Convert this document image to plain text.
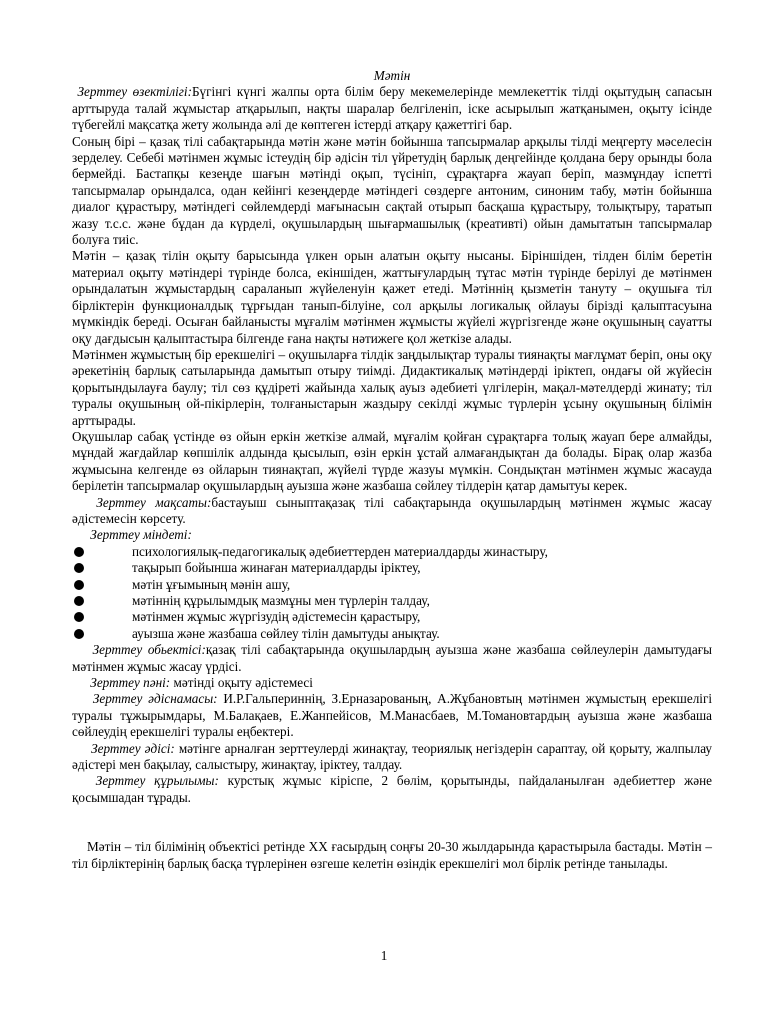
Мәтін

Зерттеу өзектілігі:Бүгінгі күнгі жалпы орта білім беру мекемелерінде мемлекеттік тілді оқытудың сапасын арттыруда талай жұмыстар атқарылып, нақты шаралар белгіленіп, іске асырылып жатқанымен, оқыту ісінде түбегейлі мақсатқа жету жолында әлі де көптеген істерді атқару қажеттігі бар.

Соның бірі – қазақ тілі сабақтарында мәтін және мәтін бойынша тапсырмалар арқылы тілді меңгерту мәселесін зерделеу. Себебі мәтінмен жұмыс істеудің бір әдісін тіл үйретудің барлық деңгейінде қолдана беру орынды бола бермейді. Бастапқы кезеңде шағын мәтінді оқып, түсініп, сұрақтарға жауап беріп, мазмұндау іспетті тапсырмалар орындалса, одан кейінгі кезеңдерде мәтіндегі сөздерге антоним, синоним табу, мәтін бойынша диалог құрастыру, мәтіндегі сөйлемдерді мағынасын сақтай отырып басқаша құрастыру, толықтыру, таратып жазу т.с.с. және бұдан да күрделі, оқушылардың шығармашылық (креативті) ойын дамытатын тапсырмалар болуға тиіс.

Мәтін – қазақ тілін оқыту барысында үлкен орын алатын оқыту нысаны. Біріншіден, тілден білім беретін материал оқыту мәтіндері түрінде болса, екіншіден, жаттығулардың тұтас мәтін түрінде берілуі де мәтінмен орындалатын жұмыстардың сараланып жүйеленуін қажет етеді. Мәтіннің қызметін тануту – оқушыға тіл бірліктерін функционалдық тұрғыдан танып-білуіне, сол арқылы логикалық ойлауы бірізді қалыптасуына мүмкіндік береді. Осыған байланысты мұғалім мәтінмен жұмысты жүйелі жүргізгенде және оқушының сауатты оқу дағдысын қалыптастыра білгенде ғана нақты нәтижеге қол жеткізе алады.

Мәтінмен жұмыстың бір ерекшелігі – оқушыларға тілдік заңдылықтар туралы тиянақты мағлұмат беріп, оны оқу әрекетінің барлық сатыларында дамытып отыру тиімді. Дидактикалық мәтіндерді іріктеп, ондағы ой жүйесін қорытындылауға баулу; тіл сөз құдіреті жайында халық ауыз әдебиеті үлгілерін, мақал-мәтелдерді жинату; тіл туралы оқушының ой-пікірлерін, толғаныстарын жаздыру секілді жұмыс түрлерін ұсыну оқушының білімін арттырады.

Оқушылар сабақ үстінде өз ойын еркін жеткізе алмай, мұғалім қойған сұрақтарға толық жауап бере алмайды, мұндай жағдайлар көпшілік алдында қысылып, өзін еркін ұстай алмағандықтан да болады. Бірақ олар жазба жұмысына келгенде өз ойларын тиянақтап, жүйелі түрде жазуы мүмкін. Сондықтан мәтінмен жұмыс жасауда берілетін тапсырмалар оқушылардың ауызша және жазбаша сөйлеу тілдерін қатар дамытуы керек.

Зерттеу мақсаты:бастауыш сыныптақазақ тілі сабақтарында оқушылардың мәтінмен жұмыс жасау әдістемесін көрсету.

Зерттеу міндеті:

психологиялық-педагогикалық әдебиеттерден материалдарды жинастыру,
тақырып бойынша жинаған материалдарды іріктеу,
мәтін ұғымының мәнін ашу,
мәтіннің құрылымдық мазмұны мен түрлерін талдау,
мәтінмен жұмыс жүргізудің әдістемесін қарастыру,
ауызша және жазбаша сөйлеу тілін дамытуды анықтау.

Зерттеу обьектісі:қазақ тілі сабақтарында оқушылардың ауызша және жазбаша сөйлеулерін дамытудағы мәтінмен жұмыс жасау үрдісі.

Зерттеу пәні: мәтінді оқыту әдістемесі

Зерттеу әдіснамасы: И.Р.Гальпериннің, З.Ерназарованың, А.Жұбановтың мәтінмен жұмыстың ерекшелігі туралы тұжырымдары, М.Балақаев, Е.Жанпейісов, М.Манасбаев, М.Томановтардың ауызша және жазбаша сөйлеудің ерекшелігі туралы еңбектері.

Зерттеу әдісі: мәтінге арналған зерттеулерді жинақтау, теориялық негіздерін сараптау, ой қорыту, жалпылау әдістері мен бақылау, салыстыру, жинақтау, іріктеу, талдау.

Зерттеу құрылымы: курстық жұмыс кіріспе, 2 бөлім, қорытынды, пайдаланылған әдебиеттер және қосымшадан тұрады.

Мәтін – тіл білімінің объектісі ретінде ХХ ғасырдың соңғы 20-30 жылдарында қарастырыла бастады. Мәтін – тіл бірліктерінің барлық басқа түрлерінен өзгеше келетін өзіндік ерекшелігі мол бірлік ретінде танылады.

1
